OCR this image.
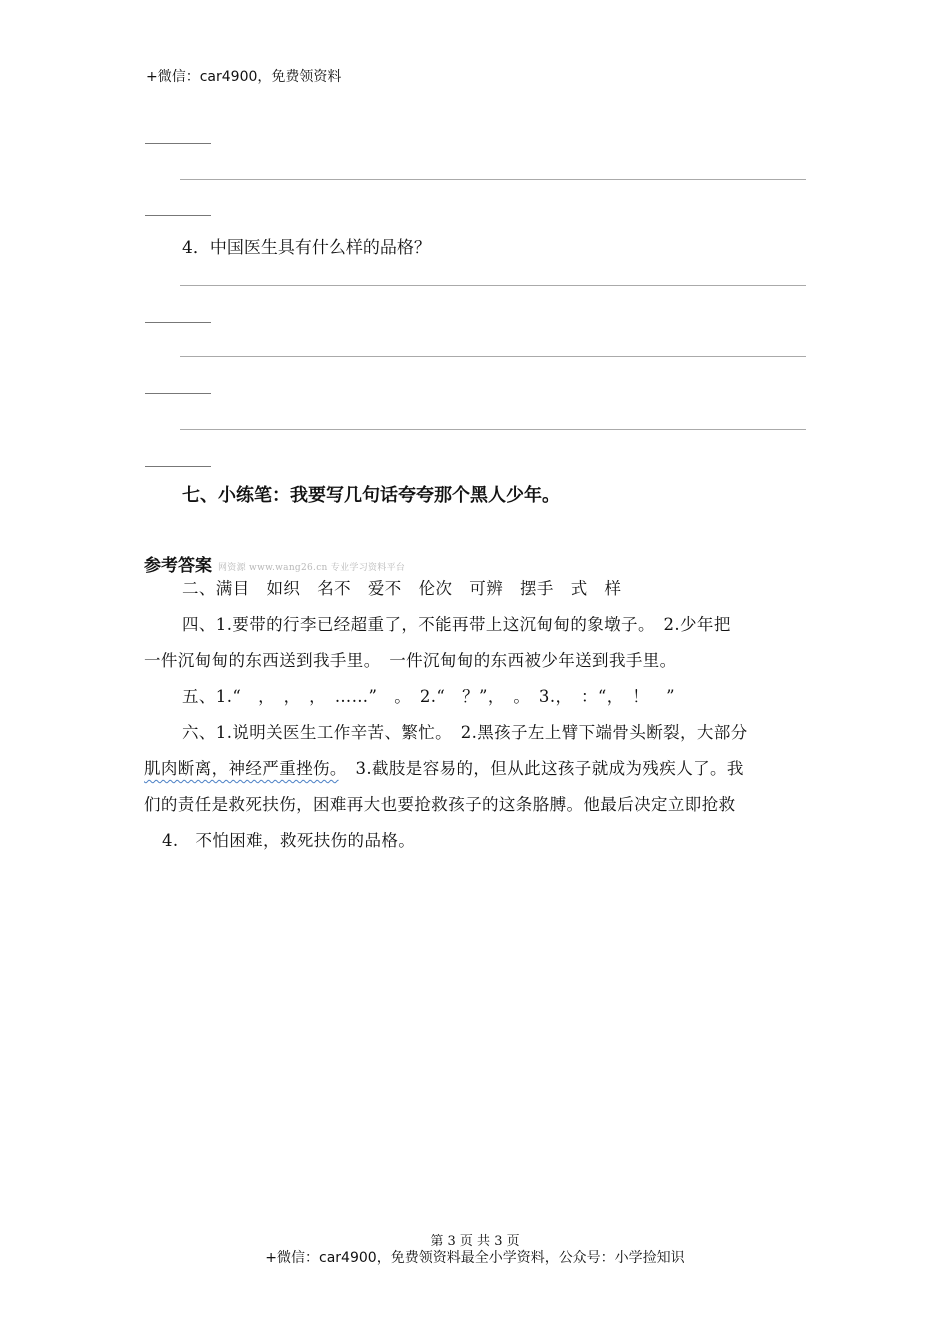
+微信：car4900，免费领资料
4．中国医生具有什么样的品格？
七、小练笔：我要写几句话夸夸那个黑人少年。
参考答案 网资源 www.wang26.cn 专业学习资料平台
二、满目　如织　名不　爱不　伦次　可辨　摆手　式　样
四、1.要带的行李已经超重了，不能再带上这沉甸甸的象墩子。　2.少年把
一件沉甸甸的东西送到我手里。　一件沉甸甸的东西被少年送到我手里。
五、1.“　，　，　，　……”　。　2.“　？”，　。　3.，　：“，　！　”
六、1.说明关医生工作辛苦、繁忙。　2.黑孩子左上臂下端骨头断裂，大部分
肌肉断离，神经严重挫伤。　3.截肢是容易的，但从此这孩子就成为残疾人了。我
们的责任是救死扶伤，困难再大也要抢救孩子的这条胳膊。他最后决定立即抢救
4.　不怕困难，救死扶伤的品格。
第 3 页 共 3 页
+微信：car4900，免费领资料最全小学资料，公众号：小学捡知识
